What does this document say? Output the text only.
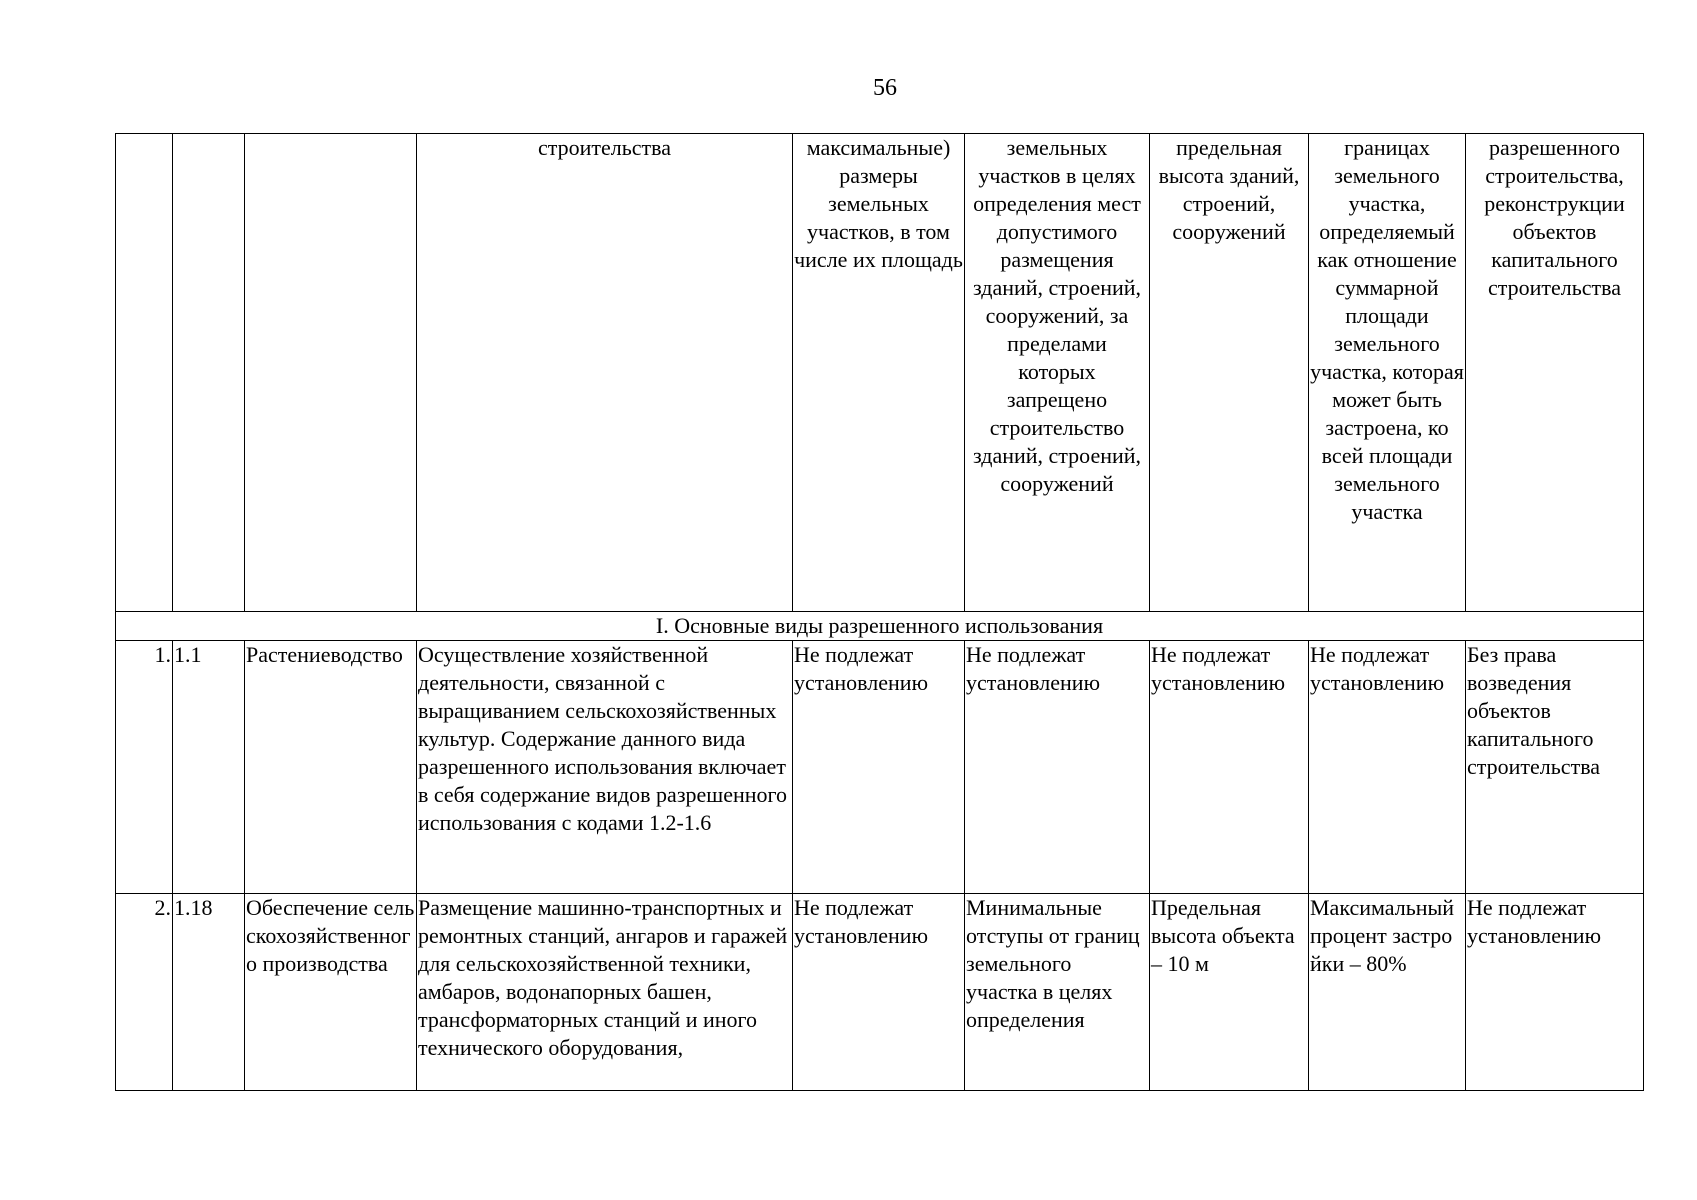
56
			строительства	максимальные) размеры земельных участков, в том числе их площадь	земельных участков в целях определения мест допустимого размещения зданий, строений, сооружений, за пределами которых запрещено строительство зданий, строений, сооружений	предельная высота зданий, строений, сооружений	границах земельного участка, определяемый как отношение суммарной площади земельного участка, которая может быть застроена, ко всей площади земельного участка	разрешенного строительства, реконструкции объектов капитального строительства
I. Основные виды разрешенного использования								
1.	1.1	Растениеводство	Осуществление хозяйственной деятельности, связанной с выращиванием сельскохозяйственных культур. Содержание данного вида разрешенного использования включает в себя содержание видов разрешенного использования с кодами 1.2-1.6	Не подлежат установлению	Не подлежат установлению	Не подлежат установлению	Не подлежат установлению	Без права возведения объектов капитального строительства
2.	1.18	Обеспечение сельскохозяйственного производства	Размещение машинно-транспортных и ремонтных станций, ангаров и гаражей для сельскохозяйственной техники, амбаров, водонапорных башен, трансформаторных станций и иного технического оборудования,	Не подлежат установлению	Минимальные отступы от границ земельного участка в целях определения	Предельная высота объекта – 10 м	Максимальный процент застройки – 80%	Не подлежат установлению
